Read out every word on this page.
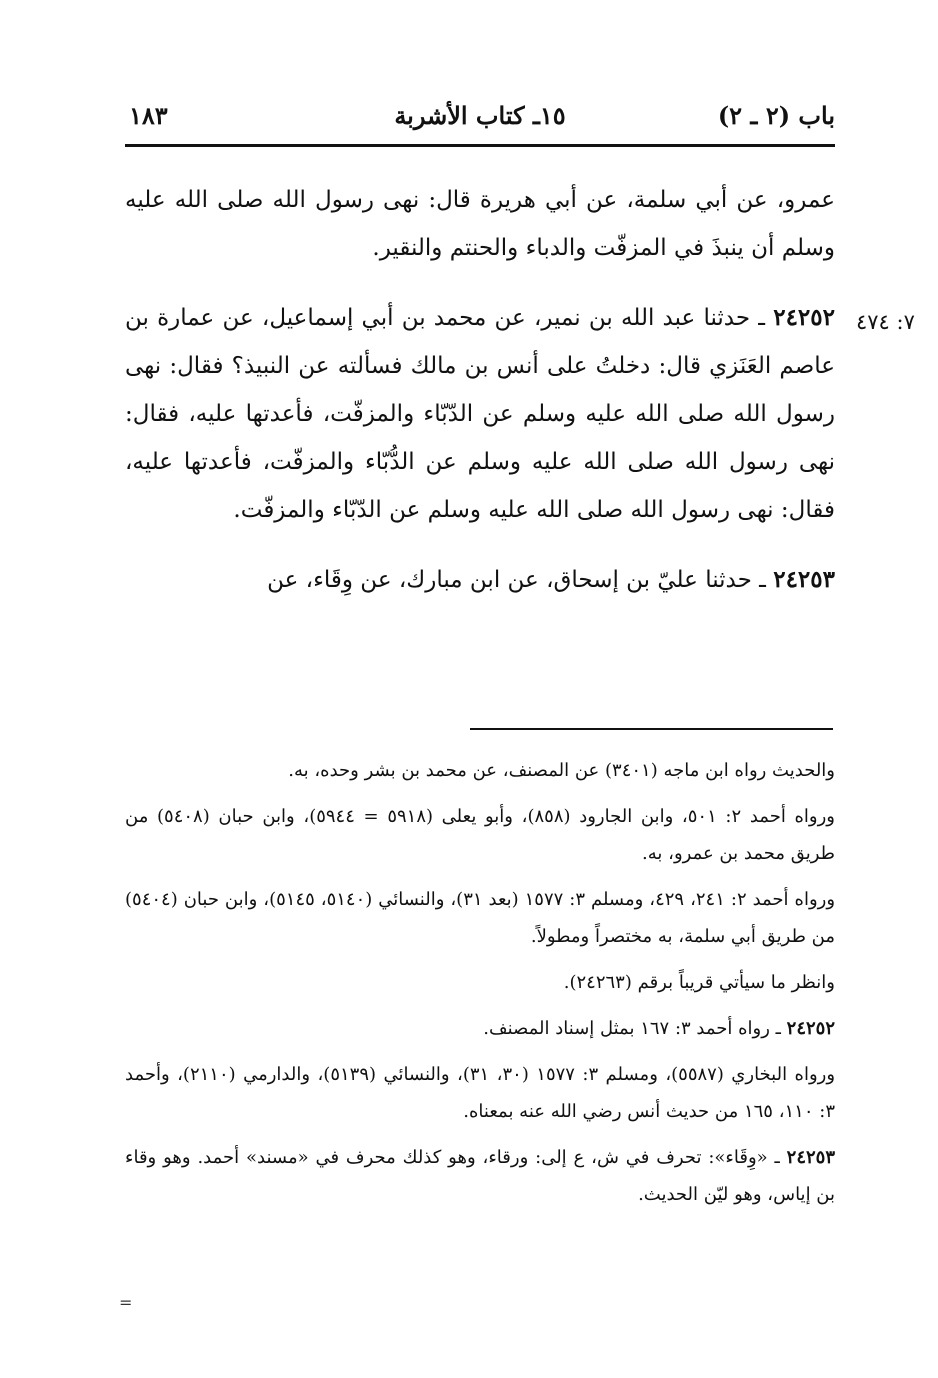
باب (٢ ـ ٢)
١٥ـ كتاب الأشربة
١٨٣
٧: ٤٧٤

عمرو، عن أبي سلمة، عن أبي هريرة قال: نهى رسول الله صلى الله عليه وسلم أن ينبذَ في المزفّت والدباء والحنتم والنقير.

٢٤٢٥٢ ـ حدثنا عبد الله بن نمير، عن محمد بن أبي إسماعيل، عن عمارة بن عاصم العَنَزي قال: دخلتُ على أنس بن مالك فسألته عن النبيذ؟ فقال: نهى رسول الله صلى الله عليه وسلم عن الدّبّاء والمزفّت، فأعدتها عليه، فقال: نهى رسول الله صلى الله عليه وسلم عن الدُّبّاء والمزفّت، فأعدتها عليه، فقال: نهى رسول الله صلى الله عليه وسلم عن الدّبّاء والمزفّت.

٢٤٢٥٣ ـ حدثنا عليّ بن إسحاق، عن ابن مبارك، عن وِقَاء، عن

والحديث رواه ابن ماجه (٣٤٠١) عن المصنف، عن محمد بن بشر وحده، به.

ورواه أحمد ٢: ٥٠١، وابن الجارود (٨٥٨)، وأبو يعلى (٥٩١٨ = ٥٩٤٤)، وابن حبان (٥٤٠٨) من طريق محمد بن عمرو، به.

ورواه أحمد ٢: ٢٤١، ٤٢٩، ومسلم ٣: ١٥٧٧ (بعد ٣١)، والنسائي (٥١٤٠، ٥١٤٥)، وابن حبان (٥٤٠٤) من طريق أبي سلمة، به مختصراً ومطولاً.

وانظر ما سيأتي قريباً برقم (٢٤٢٦٣).

٢٤٢٥٢ ـ رواه أحمد ٣: ١٦٧ بمثل إسناد المصنف.

ورواه البخاري (٥٥٨٧)، ومسلم ٣: ١٥٧٧ (٣٠، ٣١)، والنسائي (٥١٣٩)، والدارمي (٢١١٠)، وأحمد ٣: ١١٠، ١٦٥ من حديث أنس رضي الله عنه بمعناه.

٢٤٢٥٣ ـ «وِقَاء»: تحرف في ش، ع إلى: ورقاء، وهو كذلك محرف في «مسند» أحمد. وهو وقاء بن إياس، وهو ليّن الحديث.

=
